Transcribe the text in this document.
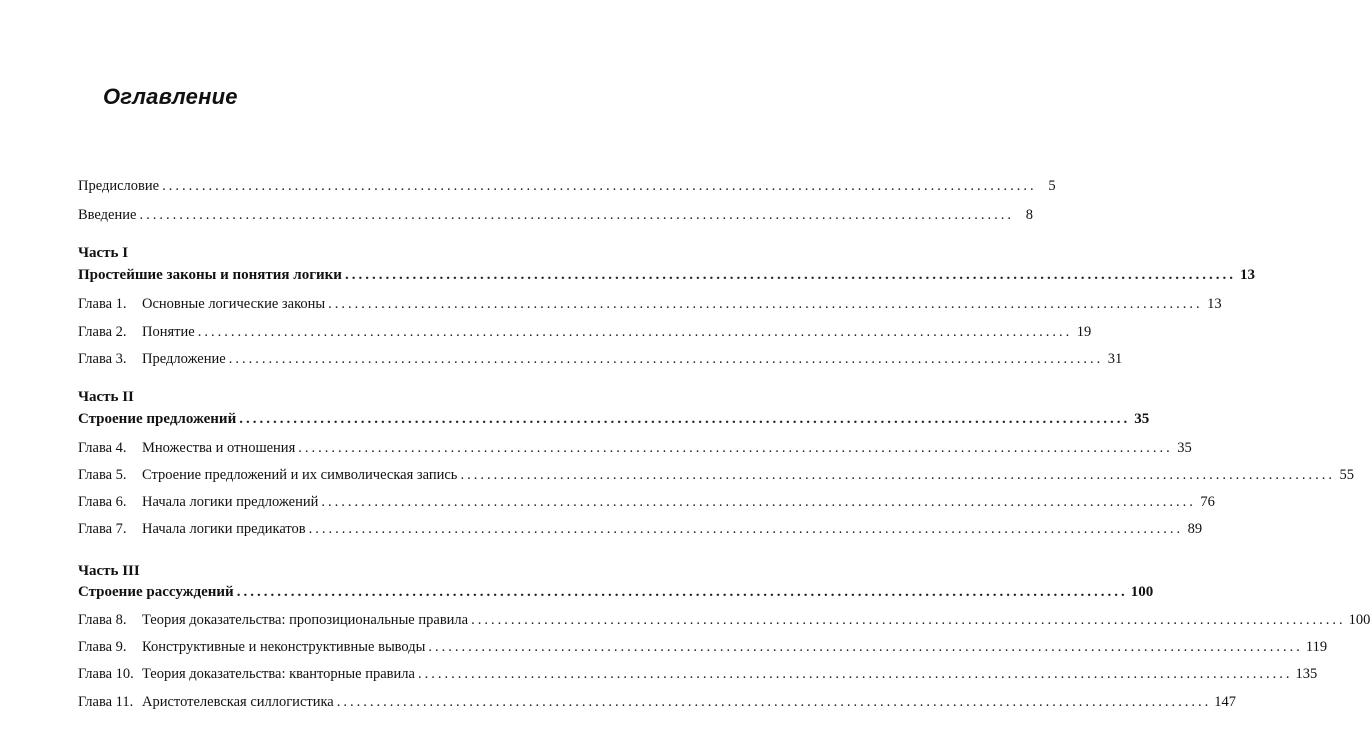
Оглавление
Предисловие .................................................................................................................................... 5
Введение .................................................................................................................................... 8
Часть I
Простейшие законы и понятия логики .................................................................................................................................... 13
Глава 1.	Основные логические законы .................................................................................................................................... 13
Глава 2.	Понятие .................................................................................................................................... 19
Глава 3.	Предложение .................................................................................................................................... 31
Часть II
Строение предложений .................................................................................................................................... 35
Глава 4.	Множества и отношения .................................................................................................................................... 35
Глава 5.	Строение предложений и их символическая запись .................................................................................................................................... 55
Глава 6.	Начала логики предложений .................................................................................................................................... 76
Глава 7.	Начала логики предикатов .................................................................................................................................... 89
Часть III
Строение рассуждений .................................................................................................................................... 100
Глава 8.	Теория доказательства: пропозициональные правила .................................................................................................................................... 100
Глава 9.	Конструктивные и неконструктивные выводы .................................................................................................................................... 119
Глава 10. Теория доказательства: кванторные правила .................................................................................................................................... 135
Глава 11. Аристотелевская силлогистика .................................................................................................................................... 147
